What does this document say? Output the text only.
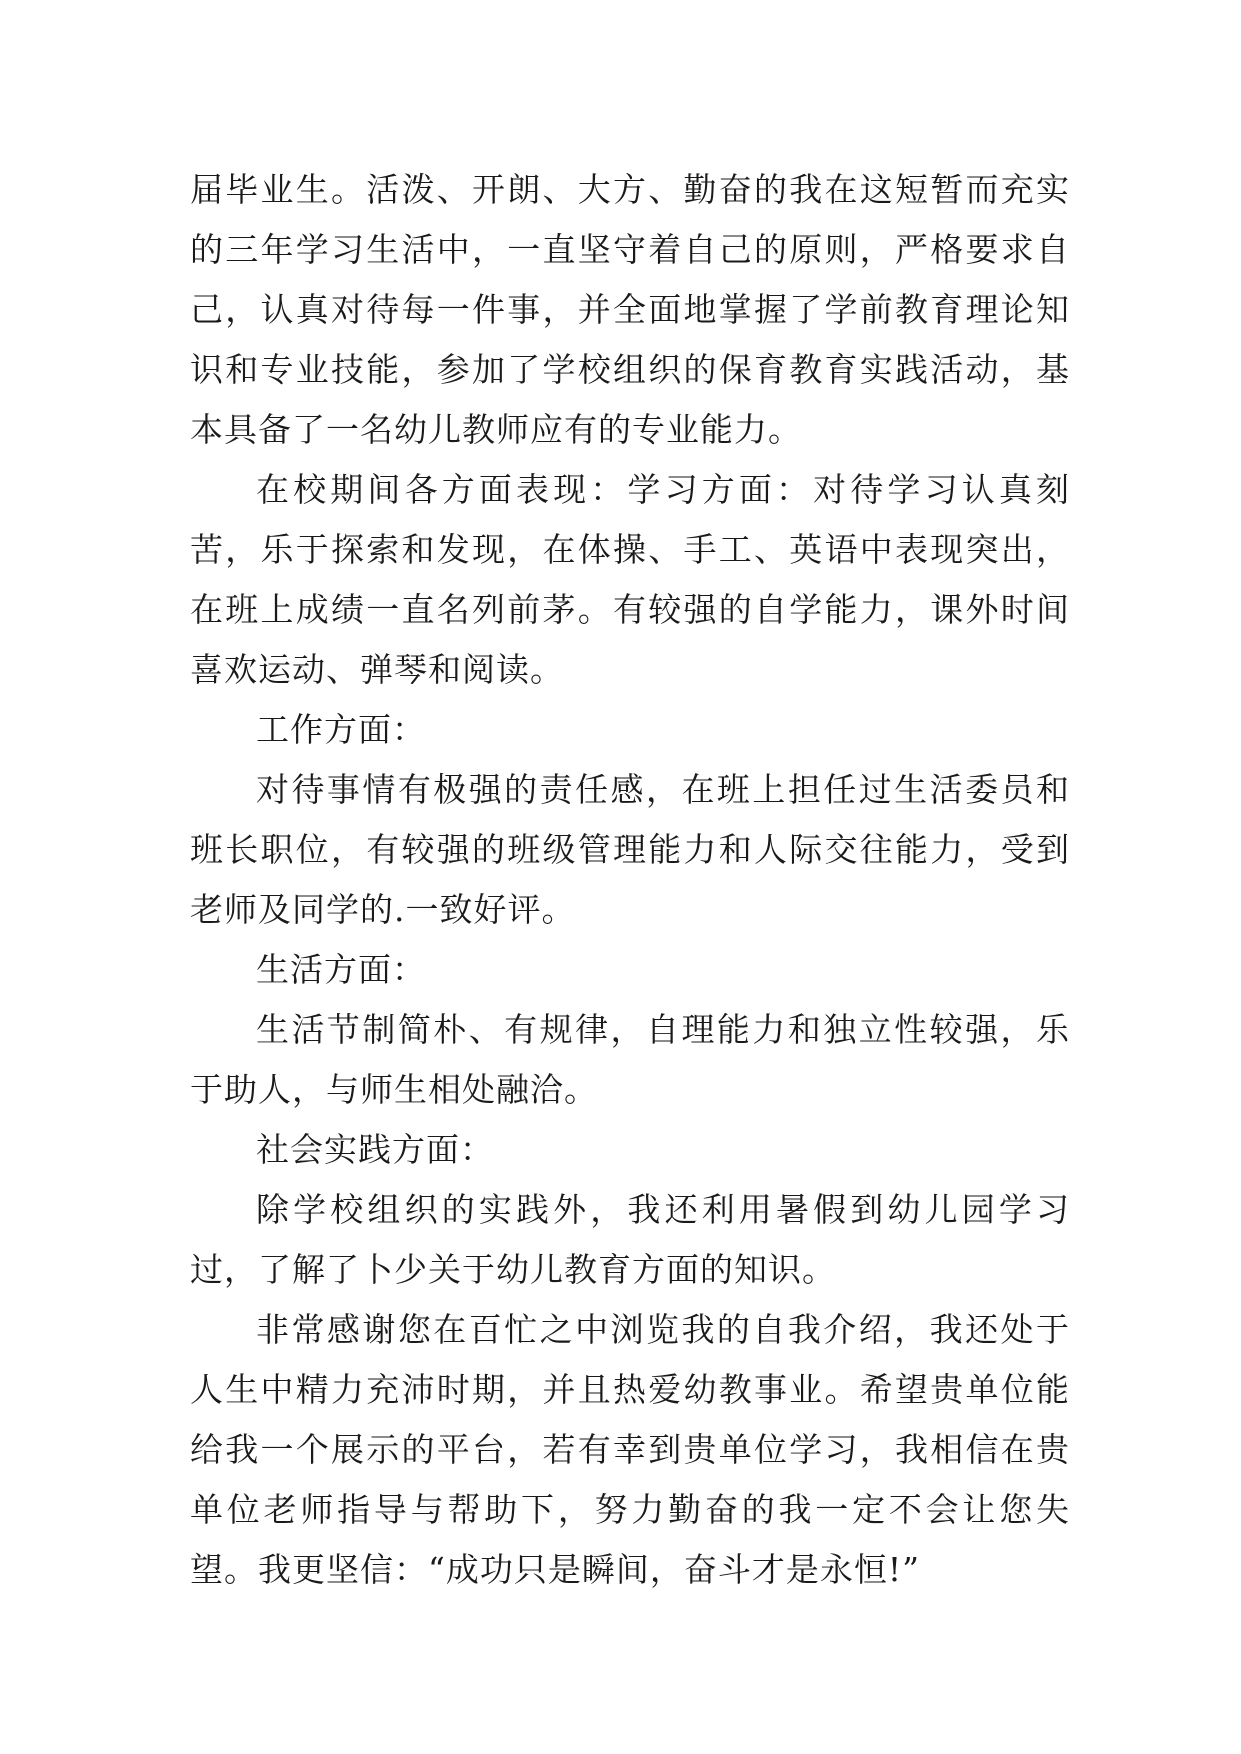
届毕业生。活泼、开朗、大方、勤奋的我在这短暂而充实的三年学习生活中，一直坚守着自己的原则，严格要求自己，认真对待每一件事，并全面地掌握了学前教育理论知识和专业技能，参加了学校组织的保育教育实践活动，基本具备了一名幼儿教师应有的专业能力。

在校期间各方面表现：学习方面：对待学习认真刻苦，乐于探索和发现，在体操、手工、英语中表现突出，在班上成绩一直名列前茅。有较强的自学能力，课外时间喜欢运动、弹琴和阅读。

工作方面：

对待事情有极强的责任感，在班上担任过生活委员和班长职位，有较强的班级管理能力和人际交往能力，受到老师及同学的.一致好评。

生活方面：

生活节制简朴、有规律，自理能力和独立性较强，乐于助人，与师生相处融洽。

社会实践方面：

除学校组织的实践外，我还利用暑假到幼儿园学习过，了解了卜少关于幼儿教育方面的知识。

非常感谢您在百忙之中浏览我的自我介绍，我还处于人生中精力充沛时期，并且热爱幼教事业。希望贵单位能给我一个展示的平台，若有幸到贵单位学习，我相信在贵单位老师指导与帮助下，努力勤奋的我一定不会让您失望。我更坚信：“成功只是瞬间，奋斗才是永恒!”
